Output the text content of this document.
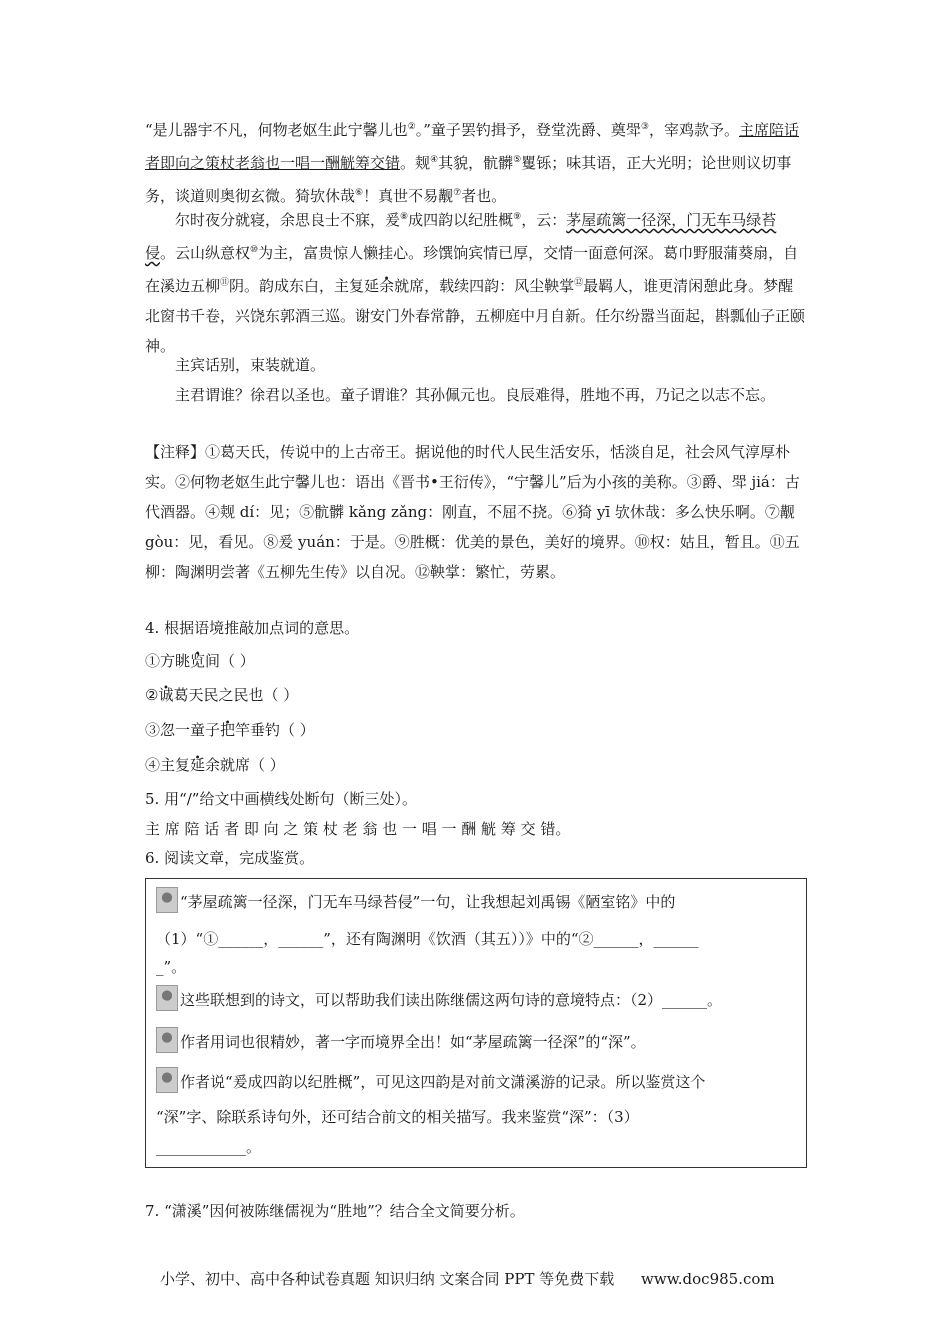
“是儿器宇不凡，何物老妪生此宁馨儿也②。”童子罢钓揖予，登堂洗爵、奠斝③，宰鸡款予。主席陪话者即向之策杖老翁也一唱一酬觥筹交错。觌④其貌，骯髒⑤矍铄；味其语，正大光明；论世则议切事务，谈道则奥彻玄微。猗欤休哉⑥！真世不易觏⑦者也。

尔时夜分就寝，余思良士不寐，爰⑧成四韵以纪胜概⑨，云：茅屋疏篱一径深，门无车马绿苔侵。云山纵意权⑩为主，富贵惊人懒挂心。珍馔饷宾情已厚，交情一面意何深。葛巾野服蒲葵扇，自在溪边五柳⑪阴。韵成东白，主复延余就席，载续四韵：风尘鞅掌⑫最羁人，谁更清闲憩此身。梦醒北窗书千卷，兴饶东郭酒三巡。谢安门外春常静，五柳庭中月自新。任尔纷嚣当面起，斟瓢仙子正颐神。

主宾话别，束装就道。

主君谓谁？徐君以圣也。童子谓谁？其孙佩元也。良辰难得，胜地不再，乃记之以志不忘。

【注释】①葛天氏，传说中的上古帝王。据说他的时代人民生活安乐，恬淡自足，社会风气淳厚朴实。②何物老妪生此宁馨儿也：语出《晋书•王衍传》，“宁馨儿”后为小孩的美称。③爵、斝 jiá：古代酒器。④觌 dí：见；⑤骯髒 kǎng zǎng：刚直，不屈不挠。⑥猗 yī 欤休哉：多么快乐啊。⑦觏 gòu：见，看见。⑧爰 yuán：于是。⑨胜概：优美的景色，美好的境界。⑩权：姑且，暂且。⑪五柳：陶渊明尝著《五柳先生传》以自况。⑫鞅掌：繁忙，劳累。

4. 根据语境推敲加点词的意思。

①方眺览间（ ）

②诚葛天民之民也（ ）

③忽一童子把竿垂钓（ ）

④主复延余就席（ ）

5. 用“/”给文中画横线处断句（断三处）。

主 席 陪 话 者 即 向 之 策 杖 老 翁 也 一 唱 一 酬 觥 筹 交 错。

6. 阅读文章，完成鉴赏。

“茅屋疏篱一径深，门无车马绿苔侵”一句，让我想起刘禹锡《陋室铭》中的
（1）“①______，______”，还有陶渊明《饮酒（其五））》中的“②______，______
_”。
这些联想到的诗文，可以帮助我们读出陈继儒这两句诗的意境特点：（2）______。
作者用词也很精妙，著一字而境界全出！如“茅屋疏篱一径深”的“深”。
作者说“爰成四韵以纪胜概”，可见这四韵是对前文潇溪游的记录。所以鉴赏这个
“深”字、除联系诗句外，还可结合前文的相关描写。我来鉴赏“深”：（3）
____________。

7. “潇溪”因何被陈继儒视为“胜地”？结合全文简要分析。

小学、初中、高中各种试卷真题 知识归纳 文案合同 PPT 等免费下载 www.doc985.com
